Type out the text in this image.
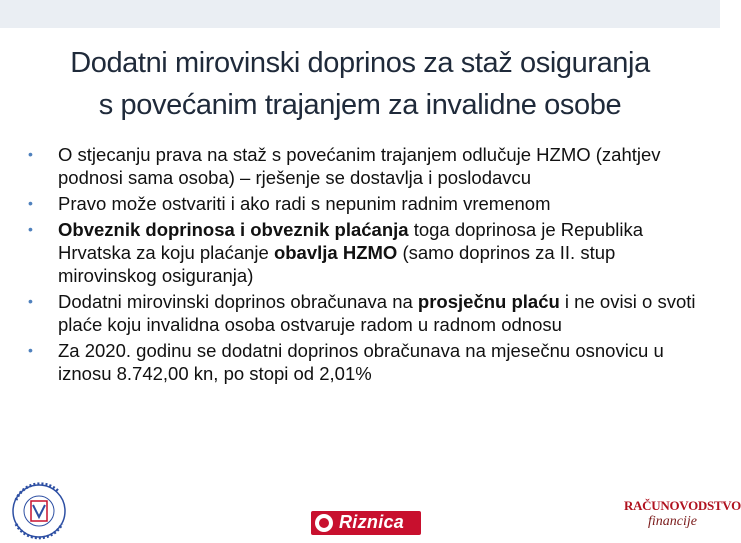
Dodatni mirovinski doprinos za staž osiguranja
s povećanim trajanjem za invalidne osobe
• O stjecanju prava na staž s povećanim trajanjem odlučuje HZMO (zahtjev podnosi sama osoba) – rješenje se dostavlja i poslodavcu
• Pravo može ostvariti i ako radi s nepunim radnim vremenom
• Obveznik doprinosa i obveznik plaćanja toga doprinosa je Republika Hrvatska za koju plaćanje obavlja HZMO (samo doprinos za II. stup mirovinskog osiguranja)
• Dodatni mirovinski doprinos obračunava na prosječnu plaću i ne ovisi o svoti plaće koju invalidna osoba ostvaruje radom u radnom odnosu
• Za 2020. godinu se dodatni doprinos obračunava na mjesečnu osnovicu u iznosu 8.742,00 kn, po stopi od 2,01%
Riznica
RAČUNOVODSTVO
financije
